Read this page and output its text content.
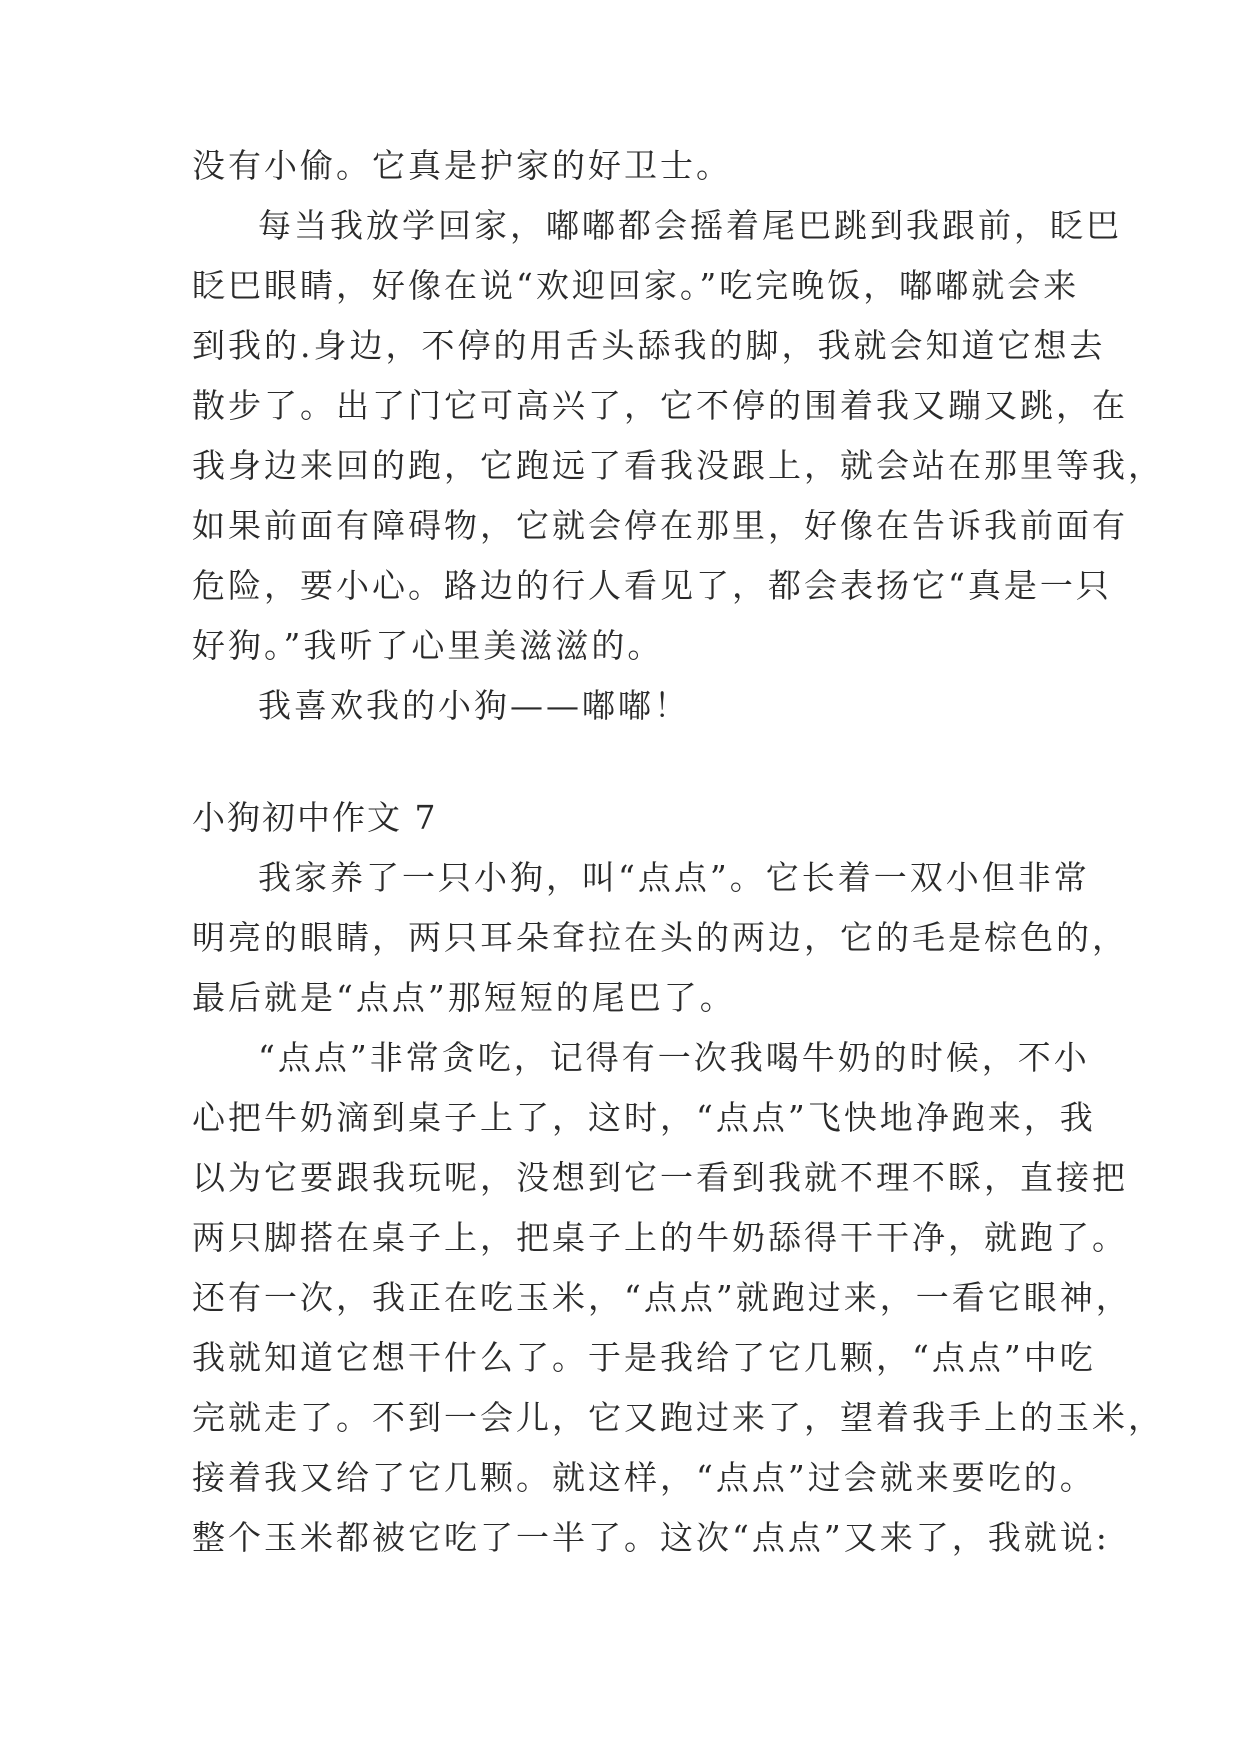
没有小偷。它真是护家的好卫士。
每当我放学回家，嘟嘟都会摇着尾巴跳到我跟前，眨巴
眨巴眼睛，好像在说“欢迎回家。”吃完晚饭，嘟嘟就会来
到我的.身边，不停的用舌头舔我的脚，我就会知道它想去
散步了。出了门它可高兴了，它不停的围着我又蹦又跳，在
我身边来回的跑，它跑远了看我没跟上，就会站在那里等我，
如果前面有障碍物，它就会停在那里，好像在告诉我前面有
危险，要小心。路边的行人看见了，都会表扬它“真是一只
好狗。”我听了心里美滋滋的。
我喜欢我的小狗——嘟嘟！
小狗初中作文 7
我家养了一只小狗，叫“点点”。它长着一双小但非常
明亮的眼睛，两只耳朵耷拉在头的两边，它的毛是棕色的，
最后就是“点点”那短短的尾巴了。
“点点”非常贪吃，记得有一次我喝牛奶的时候，不小
心把牛奶滴到桌子上了，这时，“点点”飞快地净跑来，我
以为它要跟我玩呢，没想到它一看到我就不理不睬，直接把
两只脚搭在桌子上，把桌子上的牛奶舔得干干净，就跑了。
还有一次，我正在吃玉米，“点点”就跑过来，一看它眼神，
我就知道它想干什么了。于是我给了它几颗，“点点”中吃
完就走了。不到一会儿，它又跑过来了，望着我手上的玉米，
接着我又给了它几颗。就这样，“点点”过会就来要吃的。
整个玉米都被它吃了一半了。这次“点点”又来了，我就说:
